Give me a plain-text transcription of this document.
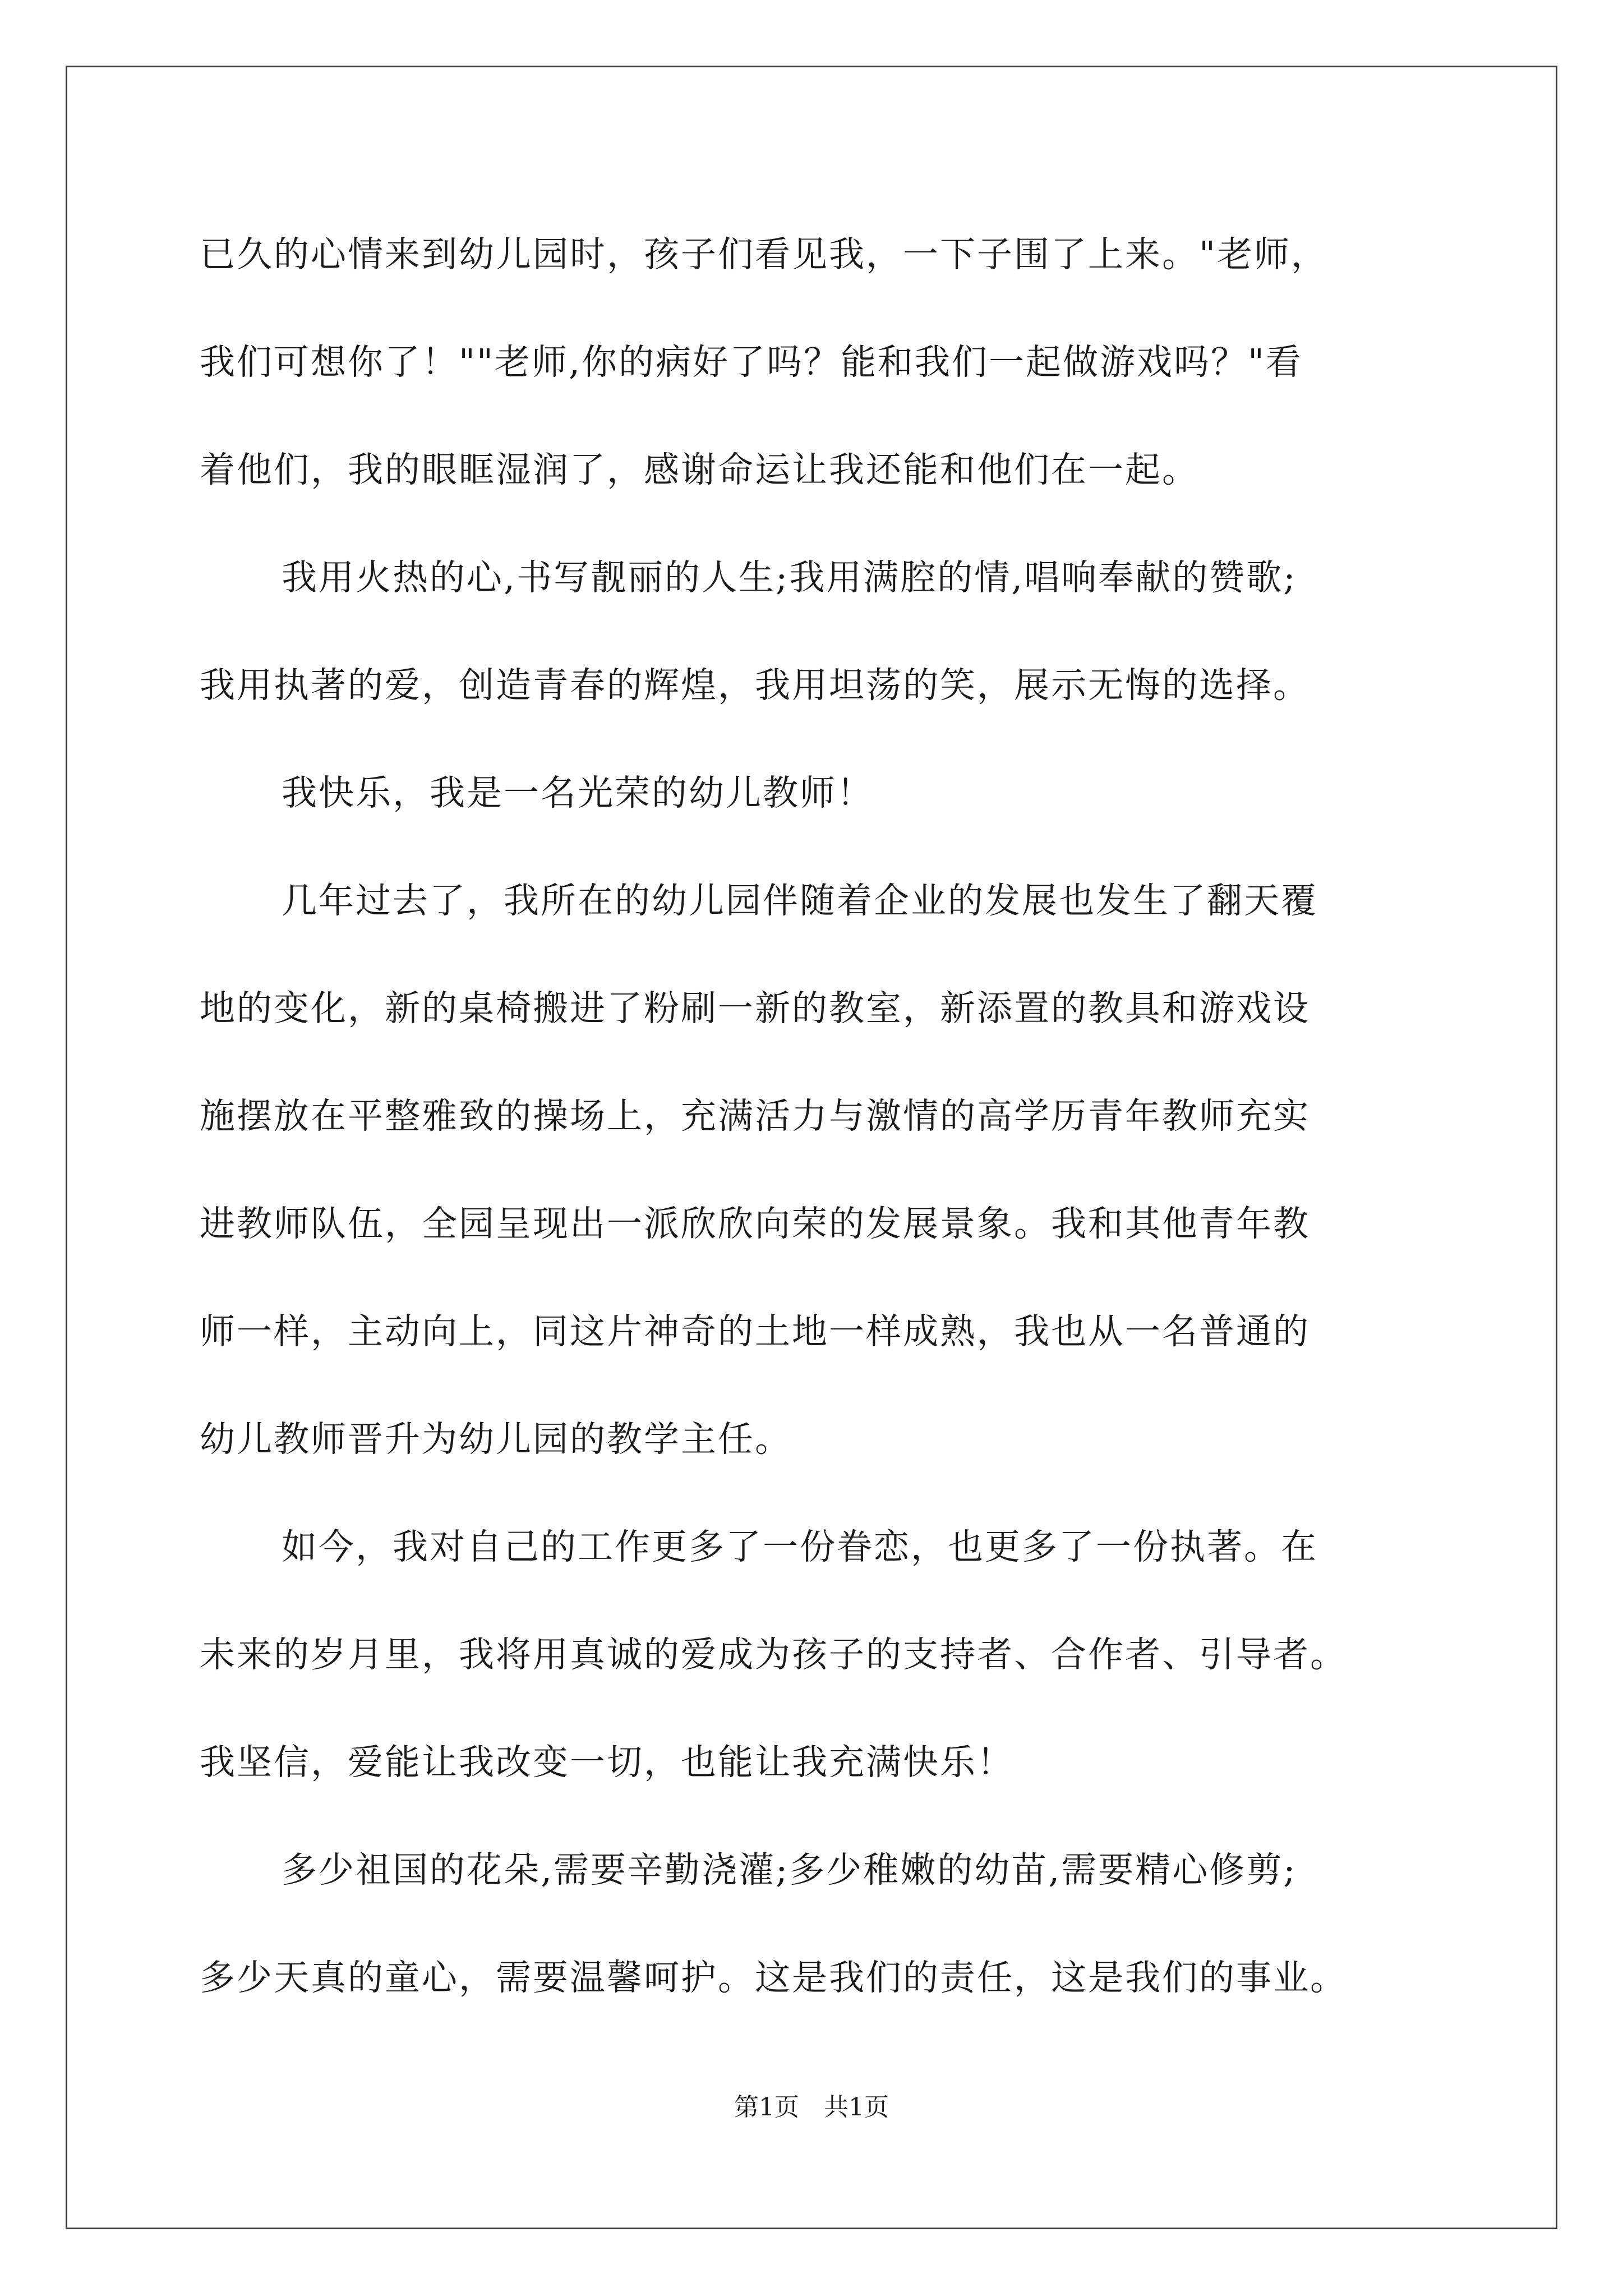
已久的心情来到幼儿园时，孩子们看见我，一下子围了上来。"老师，
我们可想你了！""老师,你的病好了吗？能和我们一起做游戏吗？"看
着他们，我的眼眶湿润了，感谢命运让我还能和他们在一起。

我用火热的心,书写靓丽的人生;我用满腔的情,唱响奉献的赞歌;
我用执著的爱，创造青春的辉煌，我用坦荡的笑，展示无悔的选择。

我快乐，我是一名光荣的幼儿教师！

几年过去了，我所在的幼儿园伴随着企业的发展也发生了翻天覆
地的变化，新的桌椅搬进了粉刷一新的教室，新添置的教具和游戏设
施摆放在平整雅致的操场上，充满活力与激情的高学历青年教师充实
进教师队伍，全园呈现出一派欣欣向荣的发展景象。我和其他青年教
师一样，主动向上，同这片神奇的土地一样成熟，我也从一名普通的
幼儿教师晋升为幼儿园的教学主任。

如今，我对自己的工作更多了一份眷恋，也更多了一份执著。在
未来的岁月里，我将用真诚的爱成为孩子的支持者、合作者、引导者。
我坚信，爱能让我改变一切，也能让我充满快乐！

多少祖国的花朵,需要辛勤浇灌;多少稚嫩的幼苗,需要精心修剪;
多少天真的童心，需要温馨呵护。这是我们的责任，这是我们的事业。

第1页　共1页
